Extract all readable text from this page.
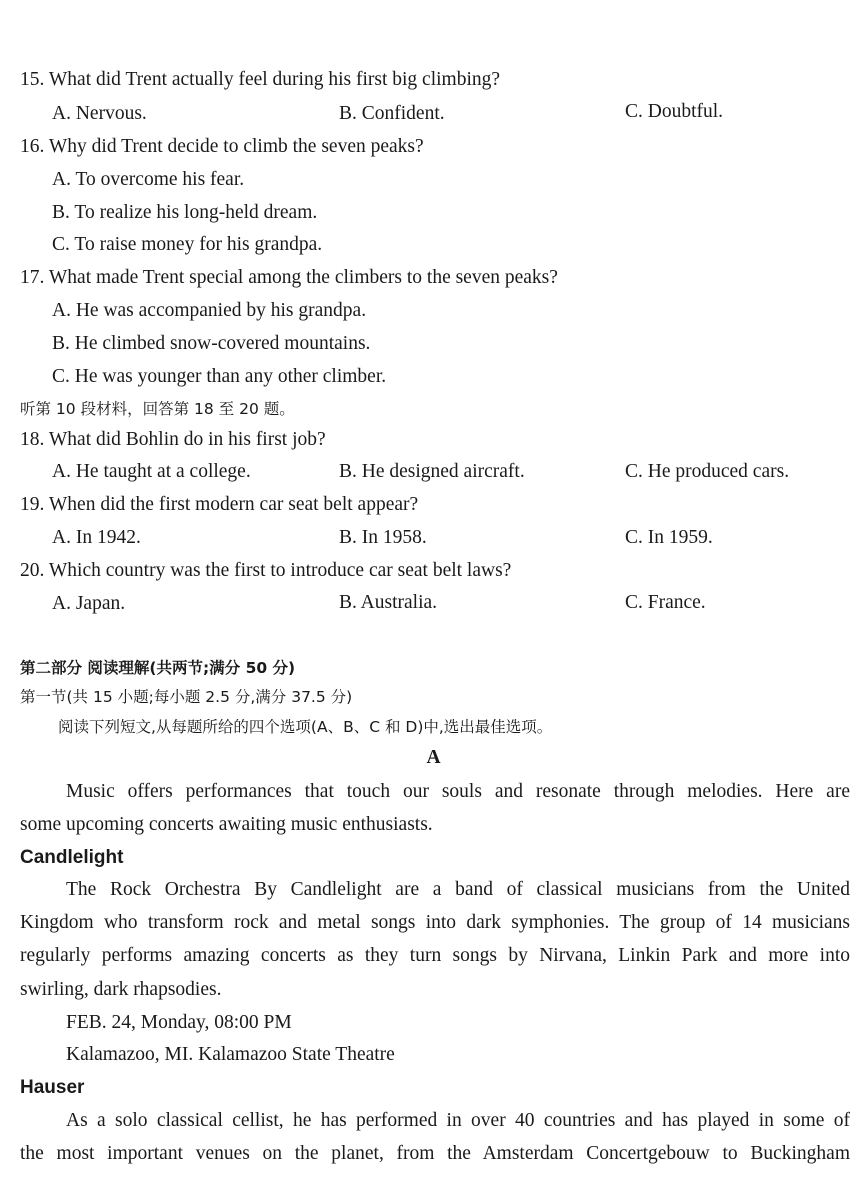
15. What did Trent actually feel during his first big climbing?
A. Nervous.	B. Confident.	C. Doubtful.
16. Why did Trent decide to climb the seven peaks?
A. To overcome his fear.
B. To realize his long-held dream.
C. To raise money for his grandpa.
17. What made Trent special among the climbers to the seven peaks?
A. He was accompanied by his grandpa.
B. He climbed snow-covered mountains.
C. He was younger than any other climber.
听第 10 段材料，回答第 18 至 20 题。
18. What did Bohlin do in his first job?
A. He taught at a college.	B. He designed aircraft.	C. He produced cars.
19. When did the first modern car seat belt appear?
A. In 1942.	B. In 1958.	C. In 1959.
20. Which country was the first to introduce car seat belt laws?
A. Japan.	B. Australia.	C. France.
第二部分 阅读理解(共两节;满分 50 分)
第一节(共 15 小题;每小题 2.5 分,满分 37.5 分)
阅读下列短文,从每题所给的四个选项(A、B、C 和 D)中,选出最佳选项。
A
Music offers performances that touch our souls and resonate through melodies. Here are
some upcoming concerts awaiting music enthusiasts.
Candlelight
The Rock Orchestra By Candlelight are a band of classical musicians from the United
Kingdom who transform rock and metal songs into dark symphonies. The group of 14 musicians
regularly performs amazing concerts as they turn songs by Nirvana, Linkin Park and more into
swirling, dark rhapsodies.
FEB. 24, Monday, 08:00 PM
Kalamazoo, MI. Kalamazoo State Theatre
Hauser
As a solo classical cellist, he has performed in over 40 countries and has played in some of
the most important venues on the planet, from the Amsterdam Concertgebouw to Buckingham
